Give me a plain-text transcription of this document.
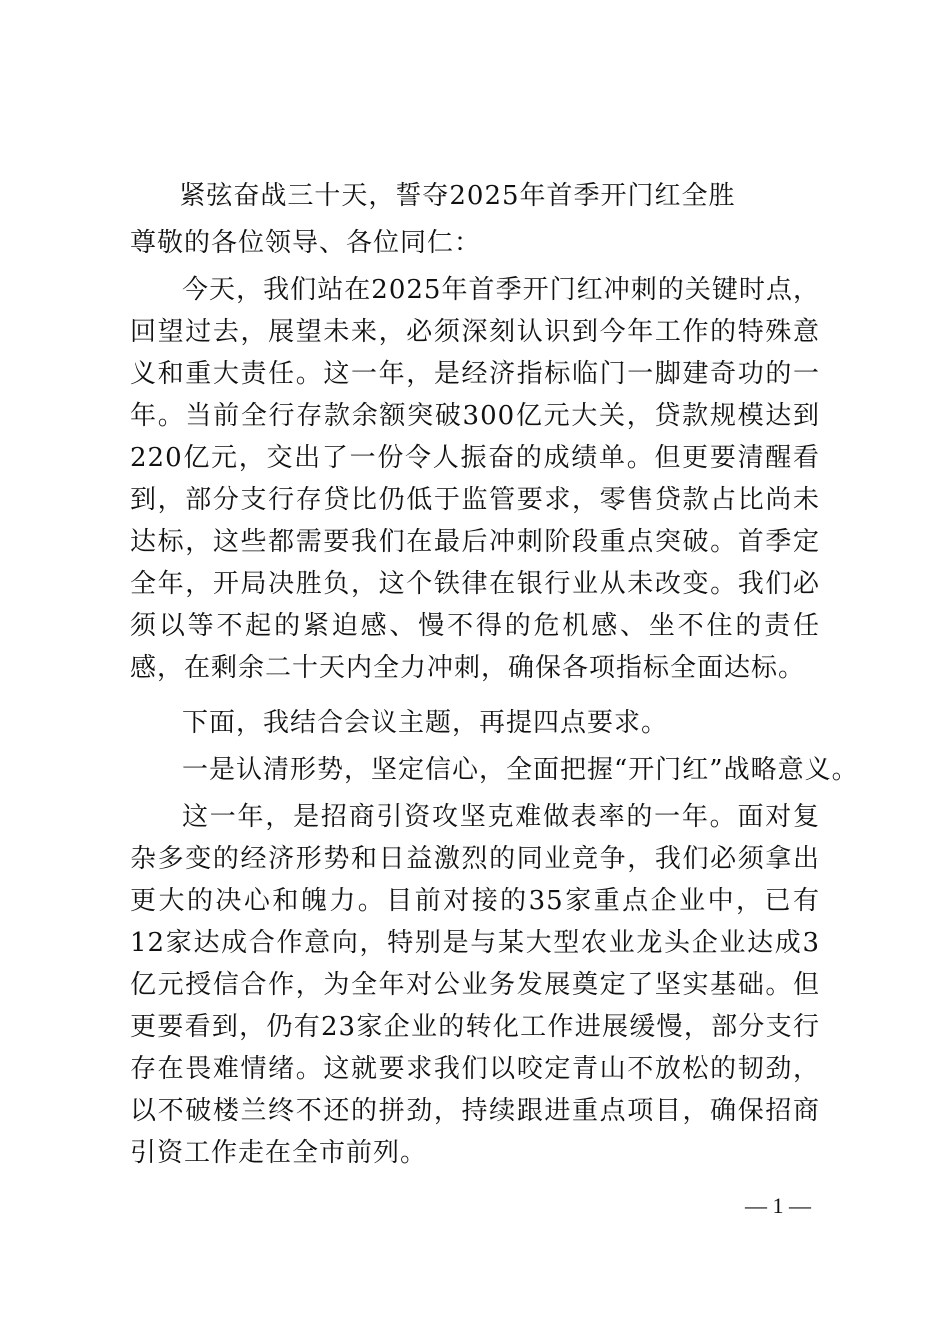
紧弦奋战三十天，誓夺2025年首季开门红全胜

尊敬的各位领导、各位同仁：

今天，我们站在2025年首季开门红冲刺的关键时点，回望过去，展望未来，必须深刻认识到今年工作的特殊意义和重大责任。这一年，是经济指标临门一脚建奇功的一年。当前全行存款余额突破300亿元大关，贷款规模达到220亿元，交出了一份令人振奋的成绩单。但更要清醒看到，部分支行存贷比仍低于监管要求，零售贷款占比尚未达标，这些都需要我们在最后冲刺阶段重点突破。首季定全年，开局决胜负，这个铁律在银行业从未改变。我们必须以等不起的紧迫感、慢不得的危机感、坐不住的责任感，在剩余二十天内全力冲刺，确保各项指标全面达标。

下面，我结合会议主题，再提四点要求。

一是认清形势，坚定信心，全面把握“开门红”战略意义。

这一年，是招商引资攻坚克难做表率的一年。面对复杂多变的经济形势和日益激烈的同业竞争，我们必须拿出更大的决心和魄力。目前对接的35家重点企业中，已有12家达成合作意向，特别是与某大型农业龙头企业达成3亿元授信合作，为全年对公业务发展奠定了坚实基础。但更要看到，仍有23家企业的转化工作进展缓慢，部分支行存在畏难情绪。这就要求我们以咬定青山不放松的韧劲，以不破楼兰终不还的拼劲，持续跟进重点项目，确保招商引资工作走在全市前列。

— 1 —
